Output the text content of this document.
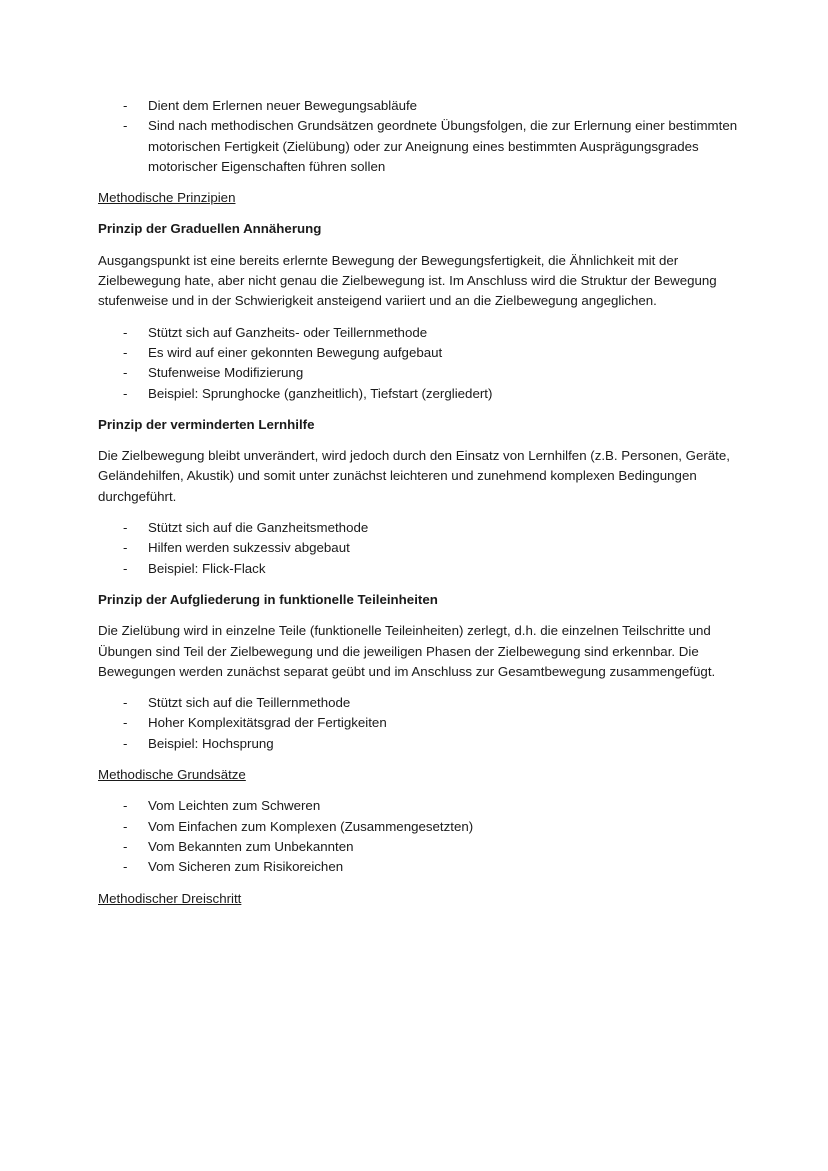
- Dient dem Erlernen neuer Bewegungsabläufe
- Sind nach methodischen Grundsätzen geordnete Übungsfolgen, die zur Erlernung einer bestimmten motorischen Fertigkeit (Zielübung) oder zur Aneignung eines bestimmten Ausprägungsgrades motorischer Eigenschaften führen sollen
Methodische Prinzipien
Prinzip der Graduellen Annäherung
Ausgangspunkt ist eine bereits erlernte Bewegung der Bewegungsfertigkeit, die Ähnlichkeit mit der Zielbewegung hate, aber nicht genau die Zielbewegung ist. Im Anschluss wird die Struktur der Bewegung stufenweise und in der Schwierigkeit ansteigend variiert und an die Zielbewegung angeglichen.
- Stützt sich auf Ganzheits- oder Teillernmethode
- Es wird auf einer gekonnten Bewegung aufgebaut
- Stufenweise Modifizierung
- Beispiel: Sprunghocke (ganzheitlich), Tiefstart (zergliedert)
Prinzip der verminderten Lernhilfe
Die Zielbewegung bleibt unverändert, wird jedoch durch den Einsatz von Lernhilfen (z.B. Personen, Geräte, Geländehilfen, Akustik) und somit unter zunächst leichteren und zunehmend komplexen Bedingungen durchgeführt.
- Stützt sich auf die Ganzheitsmethode
- Hilfen werden sukzessiv abgebaut
- Beispiel: Flick-Flack
Prinzip der Aufgliederung in funktionelle Teileinheiten
Die Zielübung wird in einzelne Teile (funktionelle Teileinheiten) zerlegt, d.h. die einzelnen Teilschritte und Übungen sind Teil der Zielbewegung und die jeweiligen Phasen der Zielbewegung sind erkennbar. Die Bewegungen werden zunächst separat geübt und im Anschluss zur Gesamtbewegung zusammengefügt.
- Stützt sich auf die Teillernmethode
- Hoher Komplexitätsgrad der Fertigkeiten
- Beispiel: Hochsprung
Methodische Grundsätze
- Vom Leichten zum Schweren
- Vom Einfachen zum Komplexen (Zusammengesetzten)
- Vom Bekannten zum Unbekannten
- Vom Sicheren zum Risikoreichen
Methodischer Dreischritt
